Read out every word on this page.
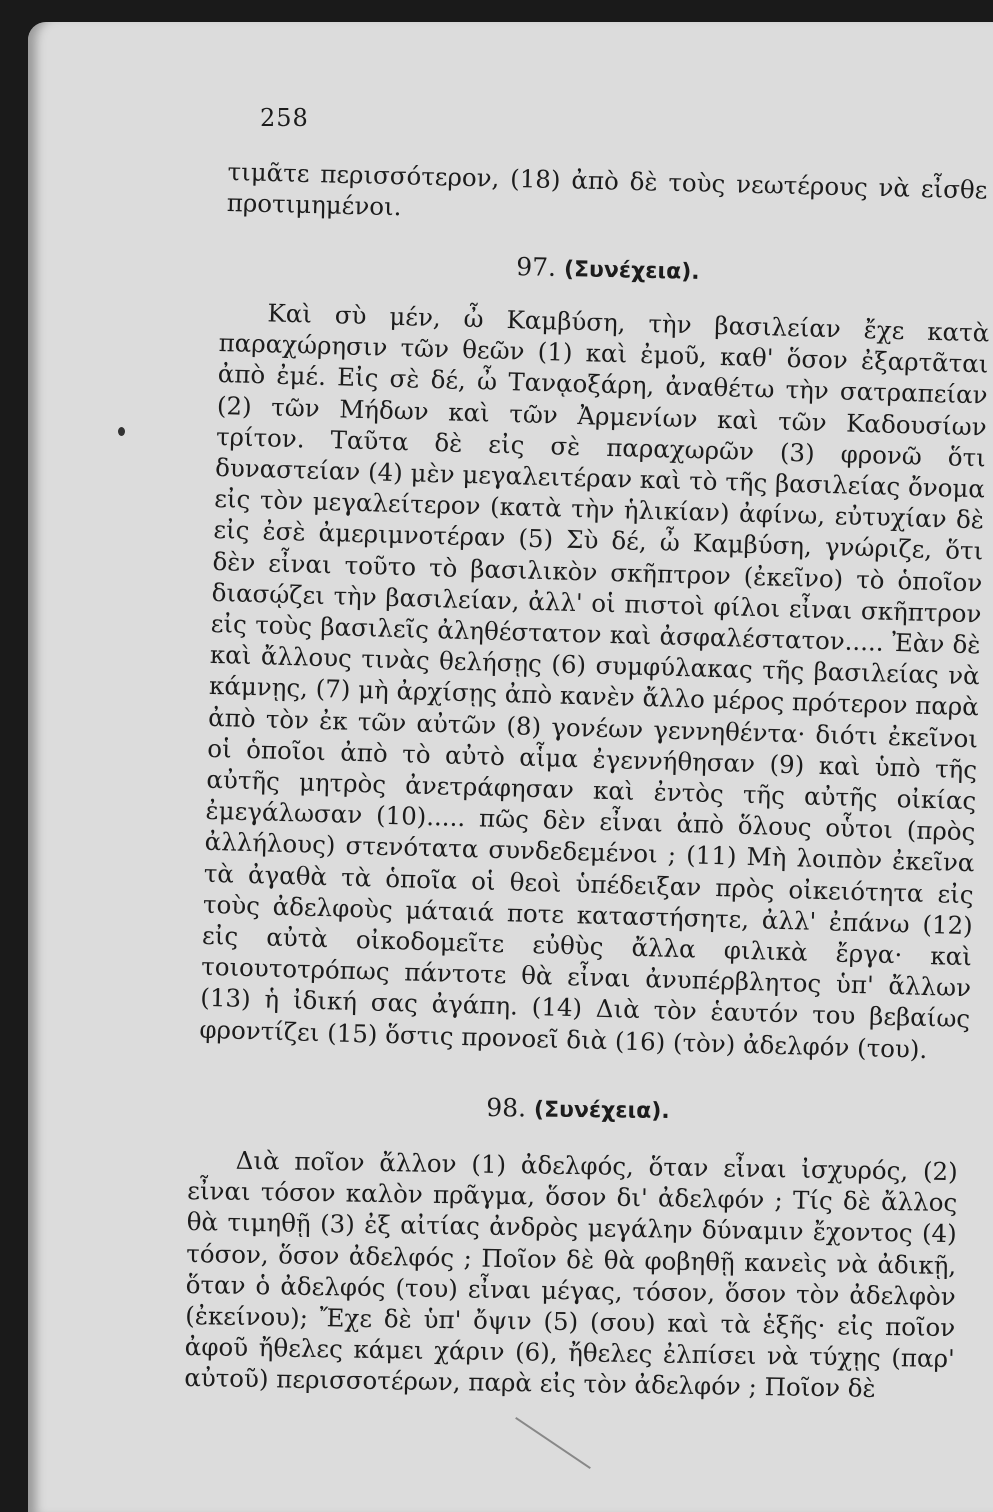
258

τιμᾶτε περισσότερον, (18) ἀπὸ δὲ τοὺς νεωτέρους νὰ εἶσθε προτιμημένοι.

97. (Συνέχεια).

Καὶ σὺ μέν, ὦ Καμβύση, τὴν βασιλείαν ἔχε κατὰ παραχώρησιν τῶν θεῶν (1) καὶ ἐμοῦ, καθ' ὅσον ἐξαρτᾶται ἀπὸ ἐμέ. Εἰς σὲ δέ, ὦ Τανᾳοξάρη, ἀναθέτω τὴν σατραπείαν (2) τῶν Μήδων καὶ τῶν Ἀρμενίων καὶ τῶν Καδουσίων τρίτον. Ταῦτα δὲ εἰς σὲ παραχωρῶν (3) φρονῶ ὅτι δυναστείαν (4) μὲν μεγαλειτέραν καὶ τὸ τῆς βασιλείας ὄνομα εἰς τὸν μεγαλείτερον (κατὰ τὴν ἡλικίαν) ἀφίνω, εὐτυχίαν δὲ εἰς ἐσὲ ἀμεριμνοτέραν (5) Σὺ δέ, ὦ Καμβύση, γνώριζε, ὅτι δὲν εἶναι τοῦτο τὸ βασιλικὸν σκῆπτρον (ἐκεῖνο) τὸ ὁποῖον διασῴζει τὴν βασιλείαν, ἀλλ' οἱ πιστοὶ φίλοι εἶναι σκῆπτρον εἰς τοὺς βασιλεῖς ἀληθέστατον καὶ ἀσφαλέστατον..... Ἐὰν δὲ καὶ ἄλλους τινὰς θελήσῃς (6) συμφύλακας τῆς βασιλείας νὰ κάμνῃς, (7) μὴ ἀρχίσῃς ἀπὸ κανὲν ἄλλο μέρος πρότερον παρὰ ἀπὸ τὸν ἐκ τῶν αὐτῶν (8) γονέων γεννηθέντα· διότι ἐκεῖνοι οἱ ὁποῖοι ἀπὸ τὸ αὐτὸ αἷμα ἐγεννήθησαν (9) καὶ ὑπὸ τῆς αὐτῆς μητρὸς ἀνετράφησαν καὶ ἐντὸς τῆς αὐτῆς οἰκίας ἐμεγάλωσαν (10)..... πῶς δὲν εἶναι ἀπὸ ὅλους οὗτοι (πρὸς ἀλλήλους) στενότατα συνδεδεμένοι ; (11) Μὴ λοιπὸν ἐκεῖνα τὰ ἀγαθὰ τὰ ὁποῖα οἱ θεοὶ ὑπέδειξαν πρὸς οἰκειότητα εἰς τοὺς ἀδελφοὺς μάταιά ποτε καταστήσητε, ἀλλ' ἐπάνω (12) εἰς αὐτὰ οἰκοδομεῖτε εὐθὺς ἄλλα φιλικὰ ἔργα· καὶ τοιουτοτρόπως πάντοτε θὰ εἶναι ἀνυπέρβλητος ὑπ' ἄλλων (13) ἡ ἰδική σας ἀγάπη. (14) Διὰ τὸν ἑαυτόν του βεβαίως φροντίζει (15) ὅστις προνοεῖ διὰ (16) (τὸν) ἀδελφόν (του).

98. (Συνέχεια).

Διὰ ποῖον ἄλλον (1) ἀδελφός, ὅταν εἶναι ἰσχυρός, (2) εἶναι τόσον καλὸν πρᾶγμα, ὅσον δι' ἀδελφόν ; Τίς δὲ ἄλλος θὰ τιμηθῇ (3) ἐξ αἰτίας ἀνδρὸς μεγάλην δύναμιν ἔχοντος (4) τόσον, ὅσον ἀδελφός ; Ποῖον δὲ θὰ φοβηθῇ κανεὶς νὰ ἀδικῇ, ὅταν ὁ ἀδελφός (του) εἶναι μέγας, τόσον, ὅσον τὸν ἀδελφὸν (ἐκείνου); Ἔχε δὲ ὑπ' ὄψιν (5) (σου) καὶ τὰ ἑξῆς· εἰς ποῖον ἀφοῦ ἤθελες κάμει χάριν (6), ἤθελες ἐλπίσει νὰ τύχῃς (παρ' αὐτοῦ) περισσοτέρων, παρὰ εἰς τὸν ἀδελφόν ; Ποῖον δὲ
